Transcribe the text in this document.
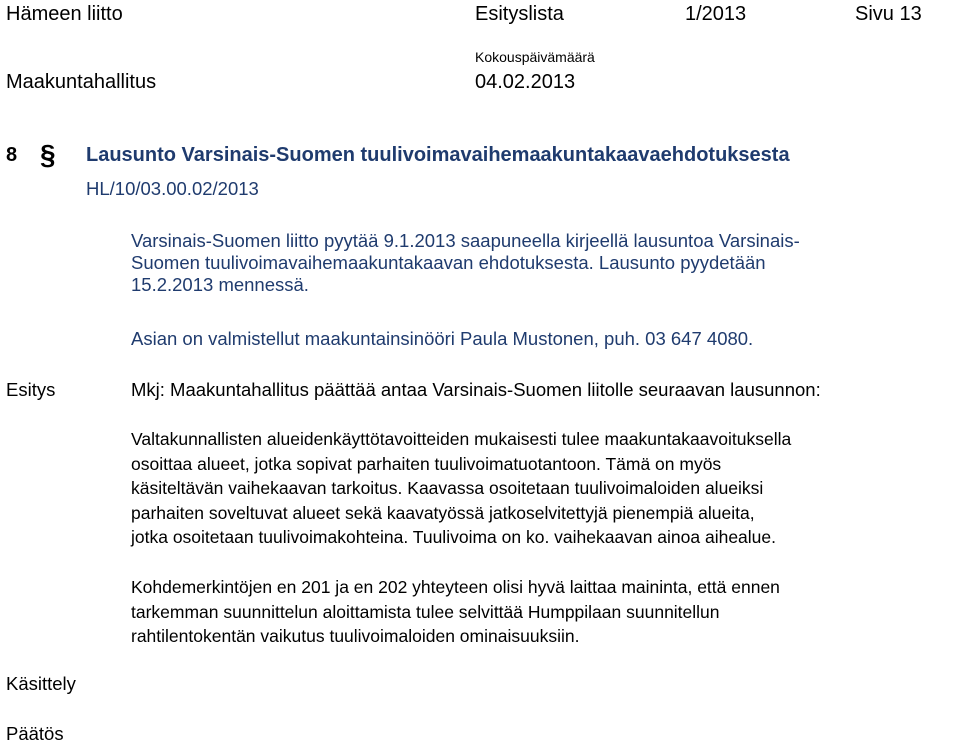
Hämeen liitto	Esityslista	1/2013	Sivu 13
Kokouspäivämäärä
Maakuntahallitus	04.02.2013
8 § Lausunto Varsinais-Suomen tuulivoimavaihemaakuntakaavaehdotuksesta
HL/10/03.00.02/2013
Varsinais-Suomen liitto pyytää 9.1.2013 saapuneella kirjeellä lausuntoa Varsinais-
Suomen tuulivoimavaihemaakuntakaavan ehdotuksesta. Lausunto pyydetään
15.2.2013 mennessä.
Asian on valmistellut maakuntainsinööri Paula Mustonen, puh. 03 647 4080.
Esitys	Mkj: Maakuntahallitus päättää antaa Varsinais-Suomen liitolle seuraavan lausunnon:
Valtakunnallisten alueidenkäyttötavoitteiden mukaisesti tulee maakuntakaavoituksella
osoittaa alueet, jotka sopivat parhaiten tuulivoimatuotantoon. Tämä on myös
käsiteltävän vaihekaavan tarkoitus. Kaavassa osoitetaan tuulivoimaloiden alueiksi
parhaiten soveltuvat alueet sekä kaavatyössä jatkoselvitettyjä pienempiä alueita,
jotka osoitetaan tuulivoimakohteina. Tuulivoima on ko. vaihekaavan ainoa aihealue.
Kohdemerkintöjen en 201 ja en 202 yhteyteen olisi hyvä laittaa maininta, että ennen
tarkemman suunnittelun aloittamista tulee selvittää Humppilaan suunnitellun
rahtilentokentän vaikutus tuulivoimaloiden ominaisuuksiin.
Käsittely
Päätös
